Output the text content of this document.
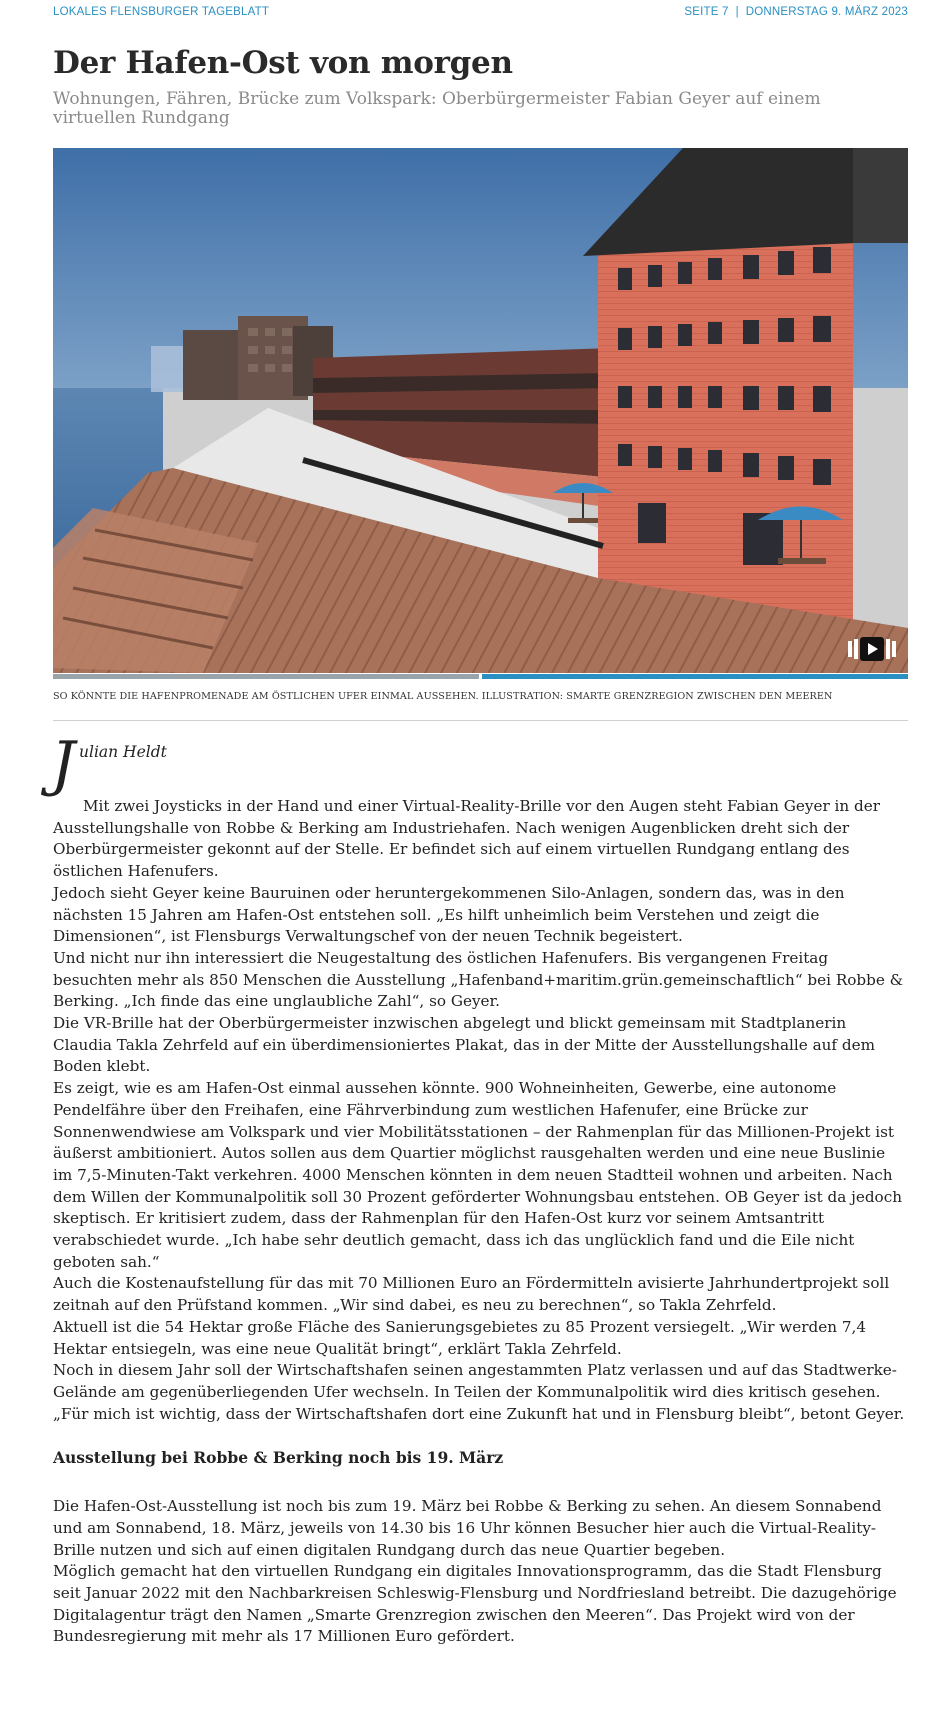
LOKALES FLENSBURGER TAGEBLATT	SEITE 7 | DONNERSTAG 9. MÄRZ 2023
Der Hafen-Ost von morgen
Wohnungen, Fähren, Brücke zum Volkspark: Oberbürgermeister Fabian Geyer auf einem virtuellen Rundgang
SO KÖNNTE DIE HAFENPROMENADE AM ÖSTLICHEN UFER EINMAL AUSSEHEN. ILLUSTRATION: SMARTE GRENZREGION ZWISCHEN DEN MEEREN
J ulian Heldt

Mit zwei Joysticks in der Hand und einer Virtual-Reality-Brille vor den Augen steht Fabian Geyer in der Ausstellungshalle von Robbe & Berking am Industriehafen. Nach wenigen Augenblicken dreht sich der Oberbürgermeister gekonnt auf der Stelle. Er befindet sich auf einem virtuellen Rundgang entlang des östlichen Hafenufers.

Jedoch sieht Geyer keine Bauruinen oder heruntergekommenen Silo-Anlagen, sondern das, was in den nächsten 15 Jahren am Hafen-Ost entstehen soll. „Es hilft unheimlich beim Verstehen und zeigt die Dimensionen“, ist Flensburgs Verwaltungschef von der neuen Technik begeistert.

Und nicht nur ihn interessiert die Neugestaltung des östlichen Hafenufers. Bis vergangenen Freitag besuchten mehr als 850 Menschen die Ausstellung „Hafenband+maritim.grün.gemeinschaftlich“ bei Robbe & Berking. „Ich finde das eine unglaubliche Zahl“, so Geyer.

Die VR-Brille hat der Oberbürgermeister inzwischen abgelegt und blickt gemeinsam mit Stadtplanerin Claudia Takla Zehrfeld auf ein überdimensioniertes Plakat, das in der Mitte der Ausstellungshalle auf dem Boden klebt.

Es zeigt, wie es am Hafen-Ost einmal aussehen könnte. 900 Wohneinheiten, Gewerbe, eine autonome Pendelfähre über den Freihafen, eine Fährverbindung zum westlichen Hafenufer, eine Brücke zur Sonnenwendwiese am Volkspark und vier Mobilitätsstationen – der Rahmenplan für das Millionen-Projekt ist äußerst ambitioniert. Autos sollen aus dem Quartier möglichst rausgehalten werden und eine neue Buslinie im 7,5-Minuten-Takt verkehren. 4000 Menschen könnten in dem neuen Stadtteil wohnen und arbeiten. Nach dem Willen der Kommunalpolitik soll 30 Prozent geförderter Wohnungsbau entstehen. OB Geyer ist da jedoch skeptisch. Er kritisiert zudem, dass der Rahmenplan für den Hafen-Ost kurz vor seinem Amtsantritt verabschiedet wurde. „Ich habe sehr deutlich gemacht, dass ich das unglücklich fand und die Eile nicht geboten sah.“

Auch die Kostenaufstellung für das mit 70 Millionen Euro an Fördermitteln avisierte Jahrhundertprojekt soll zeitnah auf den Prüfstand kommen. „Wir sind dabei, es neu zu berechnen“, so Takla Zehrfeld.

Aktuell ist die 54 Hektar große Fläche des Sanierungsgebietes zu 85 Prozent versiegelt. „Wir werden 7,4 Hektar entsiegeln, was eine neue Qualität bringt“, erklärt Takla Zehrfeld.

Noch in diesem Jahr soll der Wirtschaftshafen seinen angestammten Platz verlassen und auf das Stadtwerke-Gelände am gegenüberliegenden Ufer wechseln. In Teilen der Kommunalpolitik wird dies kritisch gesehen. „Für mich ist wichtig, dass der Wirtschaftshafen dort eine Zukunft hat und in Flensburg bleibt“, betont Geyer.

Ausstellung bei Robbe & Berking noch bis 19. März

Die Hafen-Ost-Ausstellung ist noch bis zum 19. März bei Robbe & Berking zu sehen. An diesem Sonnabend und am Sonnabend, 18. März, jeweils von 14.30 bis 16 Uhr können Besucher hier auch die Virtual-Reality-Brille nutzen und sich auf einen digitalen Rundgang durch das neue Quartier begeben.

Möglich gemacht hat den virtuellen Rundgang ein digitales Innovationsprogramm, das die Stadt Flensburg seit Januar 2022 mit den Nachbarkreisen Schleswig-Flensburg und Nordfriesland betreibt. Die dazugehörige Digitalagentur trägt den Namen „Smarte Grenzregion zwischen den Meeren“. Das Projekt wird von der Bundesregierung mit mehr als 17 Millionen Euro gefördert.
